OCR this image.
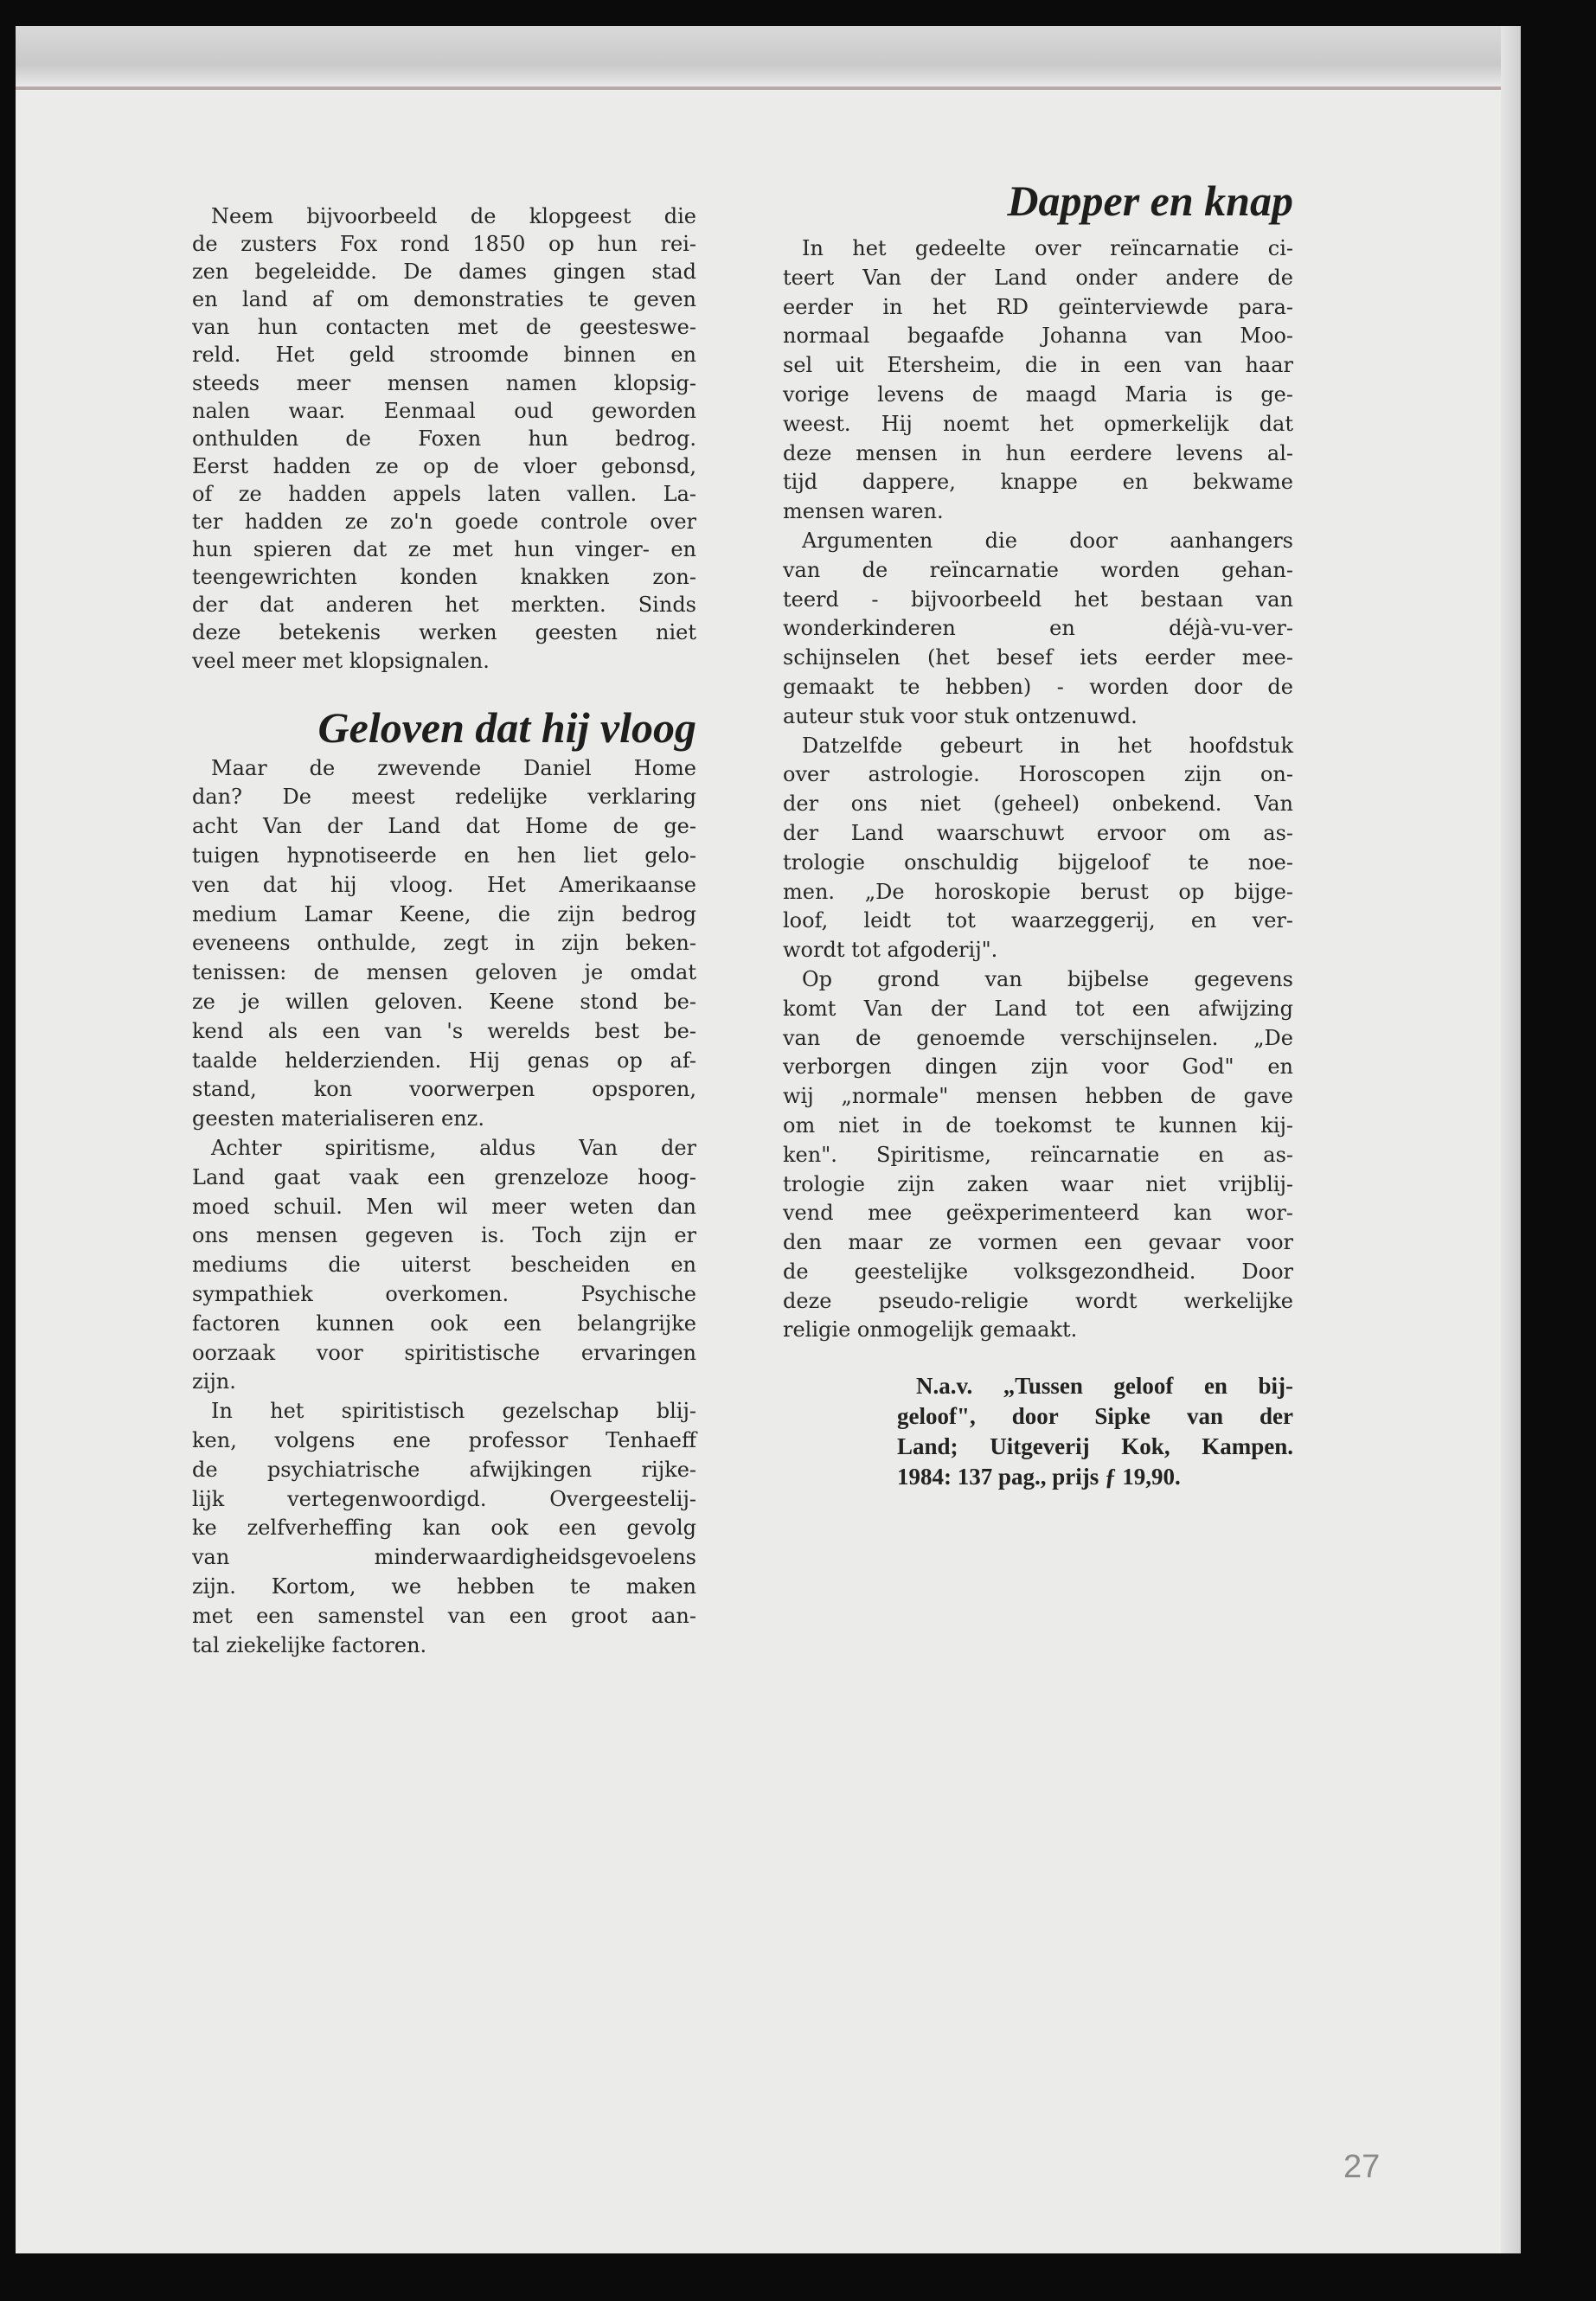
Neem bijvoorbeeld de klopgeest die
de zusters Fox rond 1850 op hun rei-
zen begeleidde. De dames gingen stad
en land af om demonstraties te geven
van hun contacten met de geesteswe-
reld. Het geld stroomde binnen en
steeds meer mensen namen klopsig-
nalen waar. Eenmaal oud geworden
onthulden de Foxen hun bedrog.
Eerst hadden ze op de vloer gebonsd,
of ze hadden appels laten vallen. La-
ter hadden ze zo'n goede controle over
hun spieren dat ze met hun vinger- en
teengewrichten konden knakken zon-
der dat anderen het merkten. Sinds
deze betekenis werken geesten niet
veel meer met klopsignalen.
Geloven dat hij vloog
Maar de zwevende Daniel Home
dan? De meest redelijke verklaring
acht Van der Land dat Home de ge-
tuigen hypnotiseerde en hen liet gelo-
ven dat hij vloog. Het Amerikaanse
medium Lamar Keene, die zijn bedrog
eveneens onthulde, zegt in zijn beken-
tenissen: de mensen geloven je omdat
ze je willen geloven. Keene stond be-
kend als een van 's werelds best be-
taalde helderzienden. Hij genas op af-
stand, kon voorwerpen opsporen,
geesten materialiseren enz.
Achter spiritisme, aldus Van der
Land gaat vaak een grenzeloze hoog-
moed schuil. Men wil meer weten dan
ons mensen gegeven is. Toch zijn er
mediums die uiterst bescheiden en
sympathiek overkomen. Psychische
factoren kunnen ook een belangrijke
oorzaak voor spiritistische ervaringen
zijn.
In het spiritistisch gezelschap blij-
ken, volgens ene professor Tenhaeff
de psychiatrische afwijkingen rijke-
lijk vertegenwoordigd. Overgeestelij-
ke zelfverheffing kan ook een gevolg
van minderwaardigheidsgevoelens
zijn. Kortom, we hebben te maken
met een samenstel van een groot aan-
tal ziekelijke factoren.
Dapper en knap
In het gedeelte over reïncarnatie ci-
teert Van der Land onder andere de
eerder in het RD geïnterviewde para-
normaal begaafde Johanna van Moo-
sel uit Etersheim, die in een van haar
vorige levens de maagd Maria is ge-
weest. Hij noemt het opmerkelijk dat
deze mensen in hun eerdere levens al-
tijd dappere, knappe en bekwame
mensen waren.
Argumenten die door aanhangers
van de reïncarnatie worden gehan-
teerd - bijvoorbeeld het bestaan van
wonderkinderen en déjà-vu-ver-
schijnselen (het besef iets eerder mee-
gemaakt te hebben) - worden door de
auteur stuk voor stuk ontzenuwd.
Datzelfde gebeurt in het hoofdstuk
over astrologie. Horoscopen zijn on-
der ons niet (geheel) onbekend. Van
der Land waarschuwt ervoor om as-
trologie onschuldig bijgeloof te noe-
men. „De horoskopie berust op bijge-
loof, leidt tot waarzeggerij, en ver-
wordt tot afgoderij".
Op grond van bijbelse gegevens
komt Van der Land tot een afwijzing
van de genoemde verschijnselen. „De
verborgen dingen zijn voor God" en
wij „normale" mensen hebben de gave
om niet in de toekomst te kunnen kij-
ken". Spiritisme, reïncarnatie en as-
trologie zijn zaken waar niet vrijblij-
vend mee geëxperimenteerd kan wor-
den maar ze vormen een gevaar voor
de geestelijke volksgezondheid. Door
deze pseudo-religie wordt werkelijke
religie onmogelijk gemaakt.
N.a.v. „Tussen geloof en bij-
geloof", door Sipke van der
Land; Uitgeverij Kok, Kampen.
1984: 137 pag., prijs ƒ 19,90.
27
